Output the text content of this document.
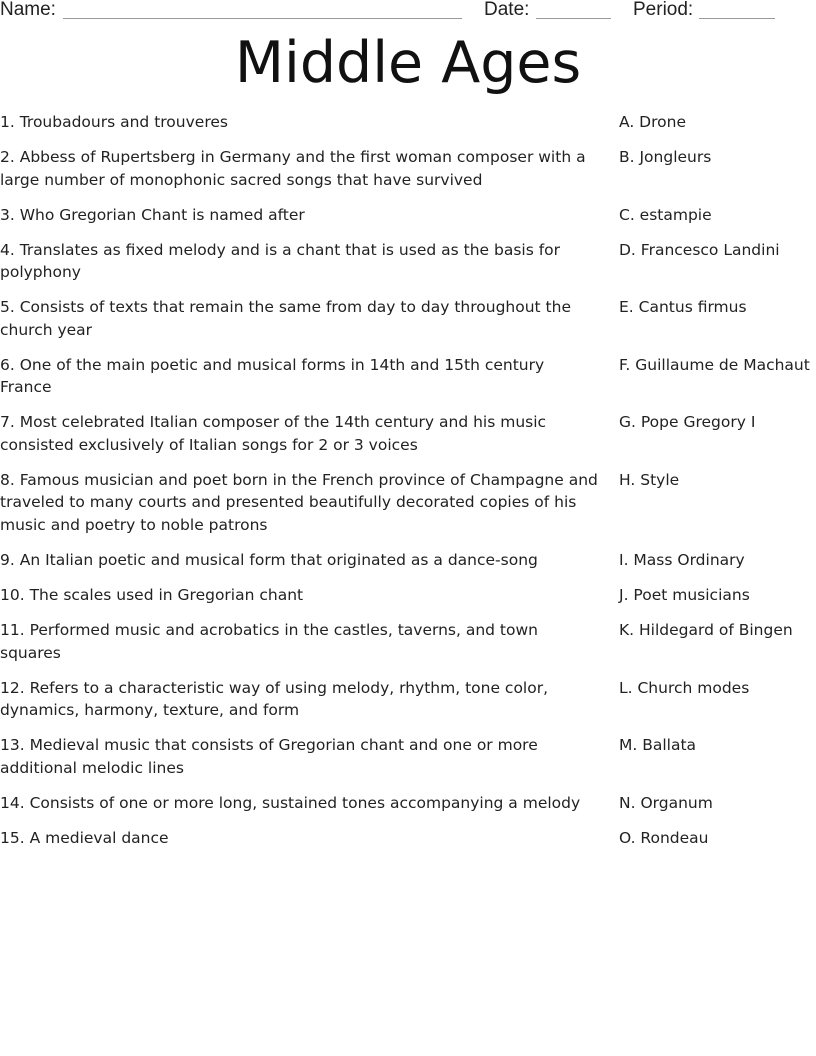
Name:	Date:	Period:
Middle Ages
1. Troubadours and trouveres
2. Abbess of Rupertsberg in Germany and the first woman composer with a large number of monophonic sacred songs that have survived
3. Who Gregorian Chant is named after
4. Translates as fixed melody and is a chant that is used as the basis for polyphony
5. Consists of texts that remain the same from day to day throughout the church year
6. One of the main poetic and musical forms in 14th and 15th century France
7. Most celebrated Italian composer of the 14th century and his music consisted exclusively of Italian songs for 2 or 3 voices
8. Famous musician and poet born in the French province of Champagne and traveled to many courts and presented beautifully decorated copies of his music and poetry to noble patrons
9. An Italian poetic and musical form that originated as a dance-song
10. The scales used in Gregorian chant
11. Performed music and acrobatics in the castles, taverns, and town squares
12. Refers to a characteristic way of using melody, rhythm, tone color, dynamics, harmony, texture, and form
13. Medieval music that consists of Gregorian chant and one or more additional melodic lines
14. Consists of one or more long, sustained tones accompanying a melody
15. A medieval dance
A. Drone
B. Jongleurs
C. estampie
D. Francesco Landini
E. Cantus firmus
F. Guillaume de Machaut
G. Pope Gregory I
H. Style
I. Mass Ordinary
J. Poet musicians
K. Hildegard of Bingen
L. Church modes
M. Ballata
N. Organum
O. Rondeau
